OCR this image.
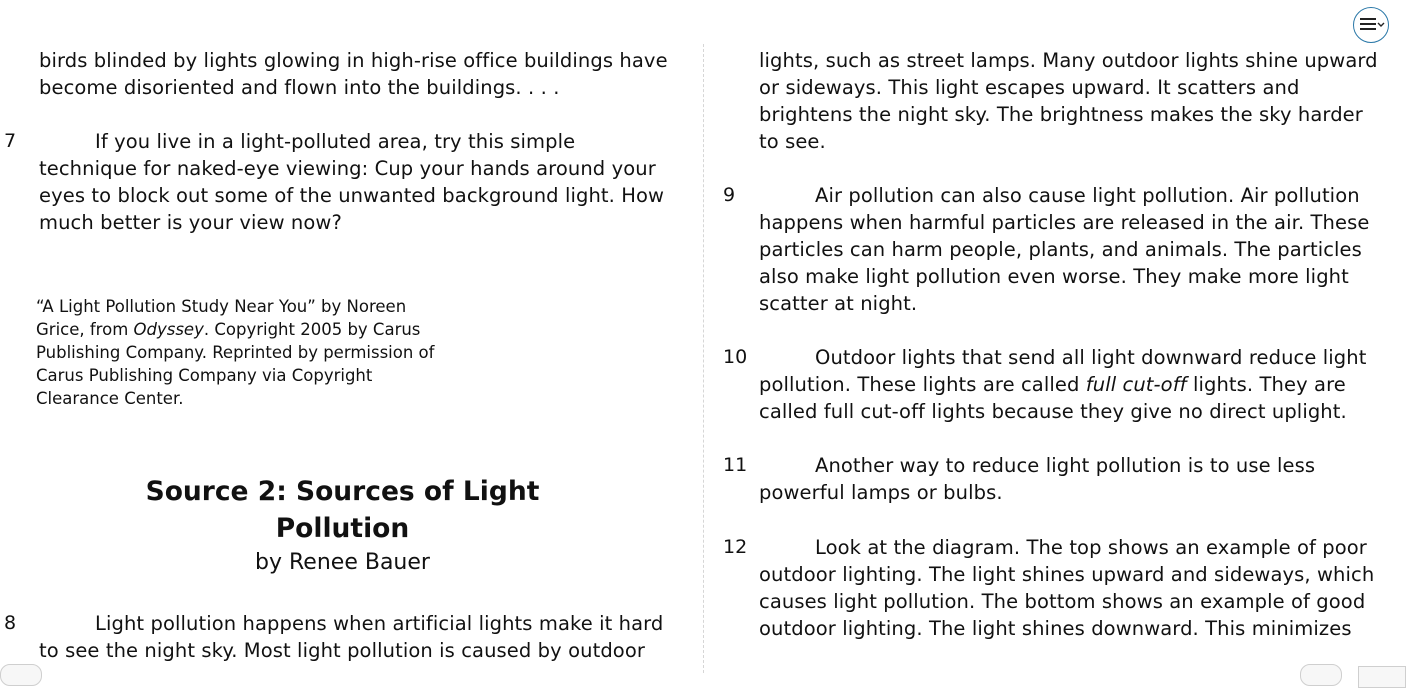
birds blinded by lights glowing in high-rise office buildings have
become disoriented and flown into the buildings. . . .
7	If you live in a light-polluted area, try this simple
technique for naked-eye viewing: Cup your hands around your
eyes to block out some of the unwanted background light. How
much better is your view now?
“A Light Pollution Study Near You” by Noreen
Grice, from Odyssey. Copyright 2005 by Carus
Publishing Company. Reprinted by permission of
Carus Publishing Company via Copyright
Clearance Center.
Source 2: Sources of Light
Pollution
by Renee Bauer
8	Light pollution happens when artificial lights make it hard
to see the night sky. Most light pollution is caused by outdoor
lights, such as street lamps. Many outdoor lights shine upward
or sideways. This light escapes upward. It scatters and
brightens the night sky. The brightness makes the sky harder
to see.
9	Air pollution can also cause light pollution. Air pollution
happens when harmful particles are released in the air. These
particles can harm people, plants, and animals. The particles
also make light pollution even worse. They make more light
scatter at night.
10	Outdoor lights that send all light downward reduce light
pollution. These lights are called full cut-off lights. They are
called full cut-off lights because they give no direct uplight.
11	Another way to reduce light pollution is to use less
powerful lamps or bulbs.
12	Look at the diagram. The top shows an example of poor
outdoor lighting. The light shines upward and sideways, which
causes light pollution. The bottom shows an example of good
outdoor lighting. The light shines downward. This minimizes
